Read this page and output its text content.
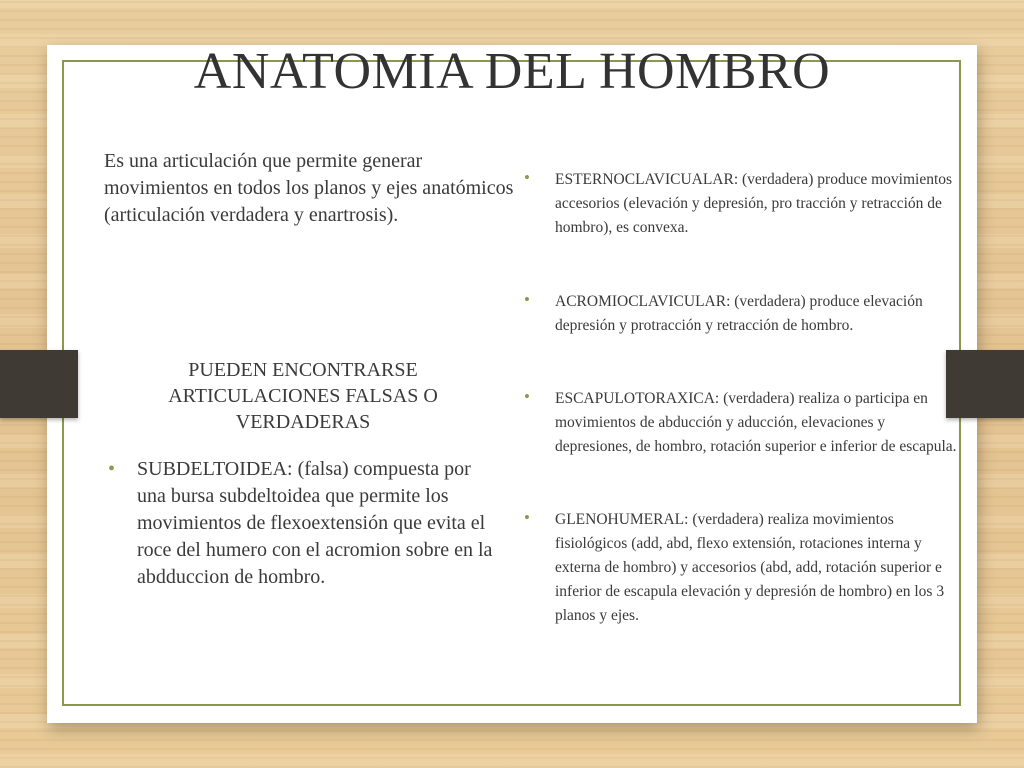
ANATOMIA DEL HOMBRO

Es una articulación que permite generar movimientos en todos los planos y ejes anatómicos (articulación verdadera y enartrosis).

PUEDEN ENCONTRARSE ARTICULACIONES FALSAS O VERDADERAS

• SUBDELTOIDEA: (falsa) compuesta por una bursa subdeltoidea que permite los movimientos de flexoextensión que evita el roce del humero con el acromion sobre en la abdduccion de hombro.
• ESTERNOCLAVICUALAR: (verdadera) produce movimientos accesorios (elevación y depresión, pro tracción y retracción de hombro), es convexa.
• ACROMIOCLAVICULAR: (verdadera) produce elevación depresión y protracción y retracción de hombro.
• ESCAPULOTORAXICA: (verdadera) realiza o participa en movimientos de abducción y aducción, elevaciones y depresiones, de hombro, rotación superior e inferior de escapula.
• GLENOHUMERAL: (verdadera) realiza movimientos fisiológicos (add, abd, flexo extensión, rotaciones interna y externa de hombro) y accesorios (abd, add, rotación superior e inferior de escapula elevación y depresión de hombro) en los 3 planos y ejes.
